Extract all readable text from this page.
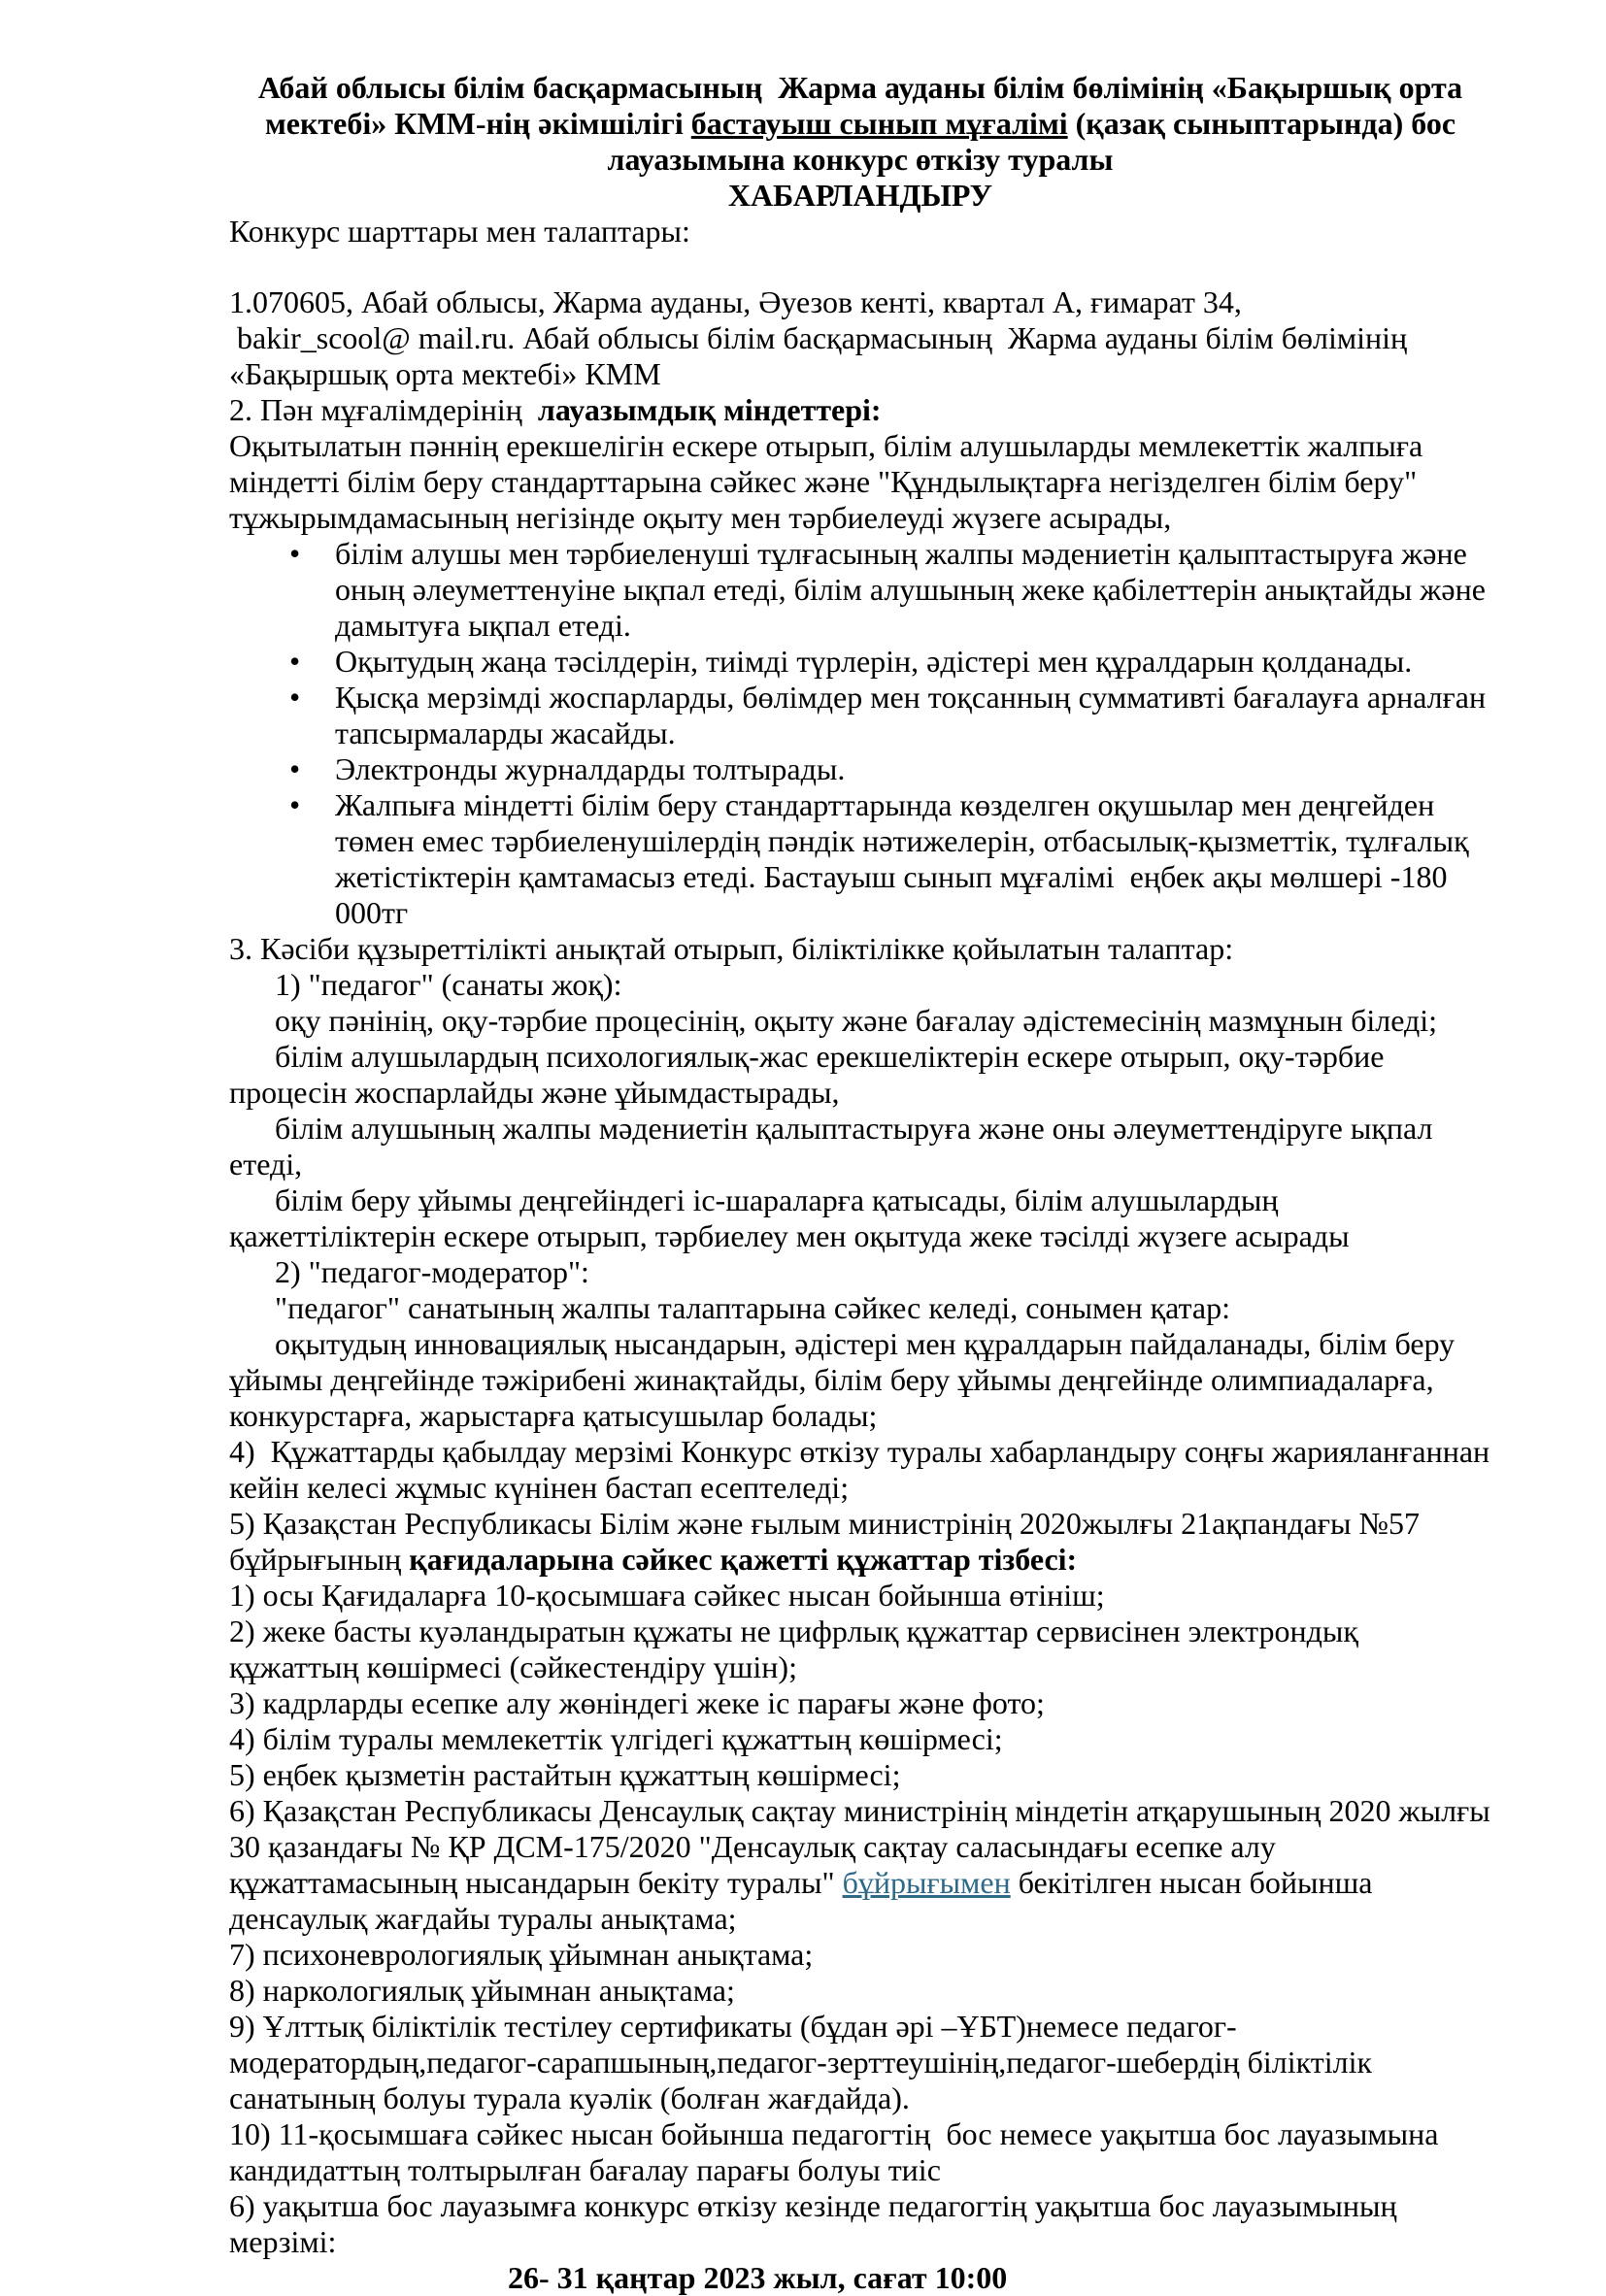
Абай облысы білім басқармасының  Жарма ауданы білім бөлімінің «Бақыршық орта мектебі» КММ-нің әкімшілігі бастауыш сынып мұғалімі (қазақ сыныптарында) бос лауазымына конкурс өткізу туралы
ХАБАРЛАНДЫРУ
Конкурс шарттары мен талаптары:
1.070605, Абай облысы, Жарма ауданы, Әуезов кенті, квартал А, ғимарат 34,
bakir_scool@ mail.ru. Абай облысы білім басқармасының  Жарма ауданы білім бөлімінің «Бақыршық орта мектебі» КММ
2. Пән мұғалімдерінің  лауазымдық міндеттері:
Оқытылатын пәннің ерекшелігін ескере отырып, білім алушыларды мемлекеттік жалпыға міндетті білім беру стандарттарына сәйкес және "Құндылықтарға негізделген білім беру" тұжырымдамасының негізінде оқыту мен тәрбиелеуді жүзеге асырады,
• білім алушы мен тәрбиеленуші тұлғасының жалпы мәдениетін қалыптастыруға және оның әлеуметтенуіне ықпал етеді, білім алушының жеке қабілеттерін анықтайды және дамытуға ықпал етеді.
• Оқытудың жаңа тәсілдерін, тиімді түрлерін, әдістері мен құралдарын қолданады.
• Қысқа мерзімді жоспарларды, бөлімдер мен тоқсанның суммативті бағалауға арналған тапсырмаларды жасайды.
• Электронды журналдарды толтырады.
• Жалпыға міндетті білім беру стандарттарында көзделген оқушылар мен деңгейден төмен емес тәрбиеленушілердің пәндік нәтижелерін, отбасылық-қызметтік, тұлғалық жетістіктерін қамтамасыз етеді. Бастауыш сынып мұғалімі  еңбек ақы мөлшері -180 000тг
3. Кәсіби құзыреттілікті анықтай отырып, біліктілікке қойылатын талаптар:
1) "педагог" (санаты жоқ):
оқу пәнінің, оқу-тәрбие процесінің, оқыту және бағалау әдістемесінің мазмұнын біледі;
білім алушылардың психологиялық-жас ерекшеліктерін ескере отырып, оқу-тәрбие процесін жоспарлайды және ұйымдастырады,
білім алушының жалпы мәдениетін қалыптастыруға және оны әлеуметтендіруге ықпал етеді,
білім беру ұйымы деңгейіндегі іс-шараларға қатысады, білім алушылардың қажеттіліктерін ескере отырып, тәрбиелеу мен оқытуда жеке тәсілді жүзеге асырады
2) "педагог-модератор":
"педагог" санатының жалпы талаптарына сәйкес келеді, сонымен қатар:
оқытудың инновациялық нысандарын, әдістері мен құралдарын пайдаланады, білім беру ұйымы деңгейінде тәжірибені жинақтайды, білім беру ұйымы деңгейінде олимпиадаларға, конкурстарға, жарыстарға қатысушылар болады;
4)  Құжаттарды қабылдау мерзімі Конкурс өткізу туралы хабарландыру соңғы жарияланғаннан кейін келесі жұмыс күнінен бастап есептеледі;
5) Қазақстан Республикасы Білім және ғылым министрінің 2020жылғы 21ақпандағы №57 бұйрығының қағидаларына сәйкес қажетті құжаттар тізбесі:
1) осы Қағидаларға 10-қосымшаға сәйкес нысан бойынша өтініш;
2) жеке басты куәландыратын құжаты не цифрлық құжаттар сервисінен электрондық құжаттың көшірмесі (сәйкестендіру үшін);
3) кадрларды есепке алу жөніндегі жеке іс парағы және фото;
4) білім туралы мемлекеттік үлгідегі құжаттың көшірмесі;
5) еңбек қызметін растайтын құжаттың көшірмесі;
6) Қазақстан Республикасы Денсаулық сақтау министрінің міндетін атқарушының 2020 жылғы 30 қазандағы № ҚР ДСМ-175/2020 "Денсаулық сақтау саласындағы есепке алу құжаттамасының нысандарын бекіту туралы" бұйрығымен бекітілген нысан бойынша денсаулық жағдайы туралы анықтама;
7) психоневрологиялық ұйымнан анықтама;
8) наркологиялық ұйымнан анықтама;
9) Ұлттық біліктілік тестілеу сертификаты (бұдан әрі –ҰБТ)немесе педагог-модератордың,педагог-сарапшының,педагог-зерттеушінің,педагог-шебердің біліктілік санатының болуы турала куәлік (болған жағдайда).
10) 11-қосымшаға сәйкес нысан бойынша педагогтің  бос немесе уақытша бос лауазымына кандидаттың толтырылған бағалау парағы болуы тиіс
6) уақытша бос лауазымға конкурс өткізу кезінде педагогтің уақытша бос лауазымының мерзімі:
26- 31 қаңтар 2023 жыл, сағат 10:00
